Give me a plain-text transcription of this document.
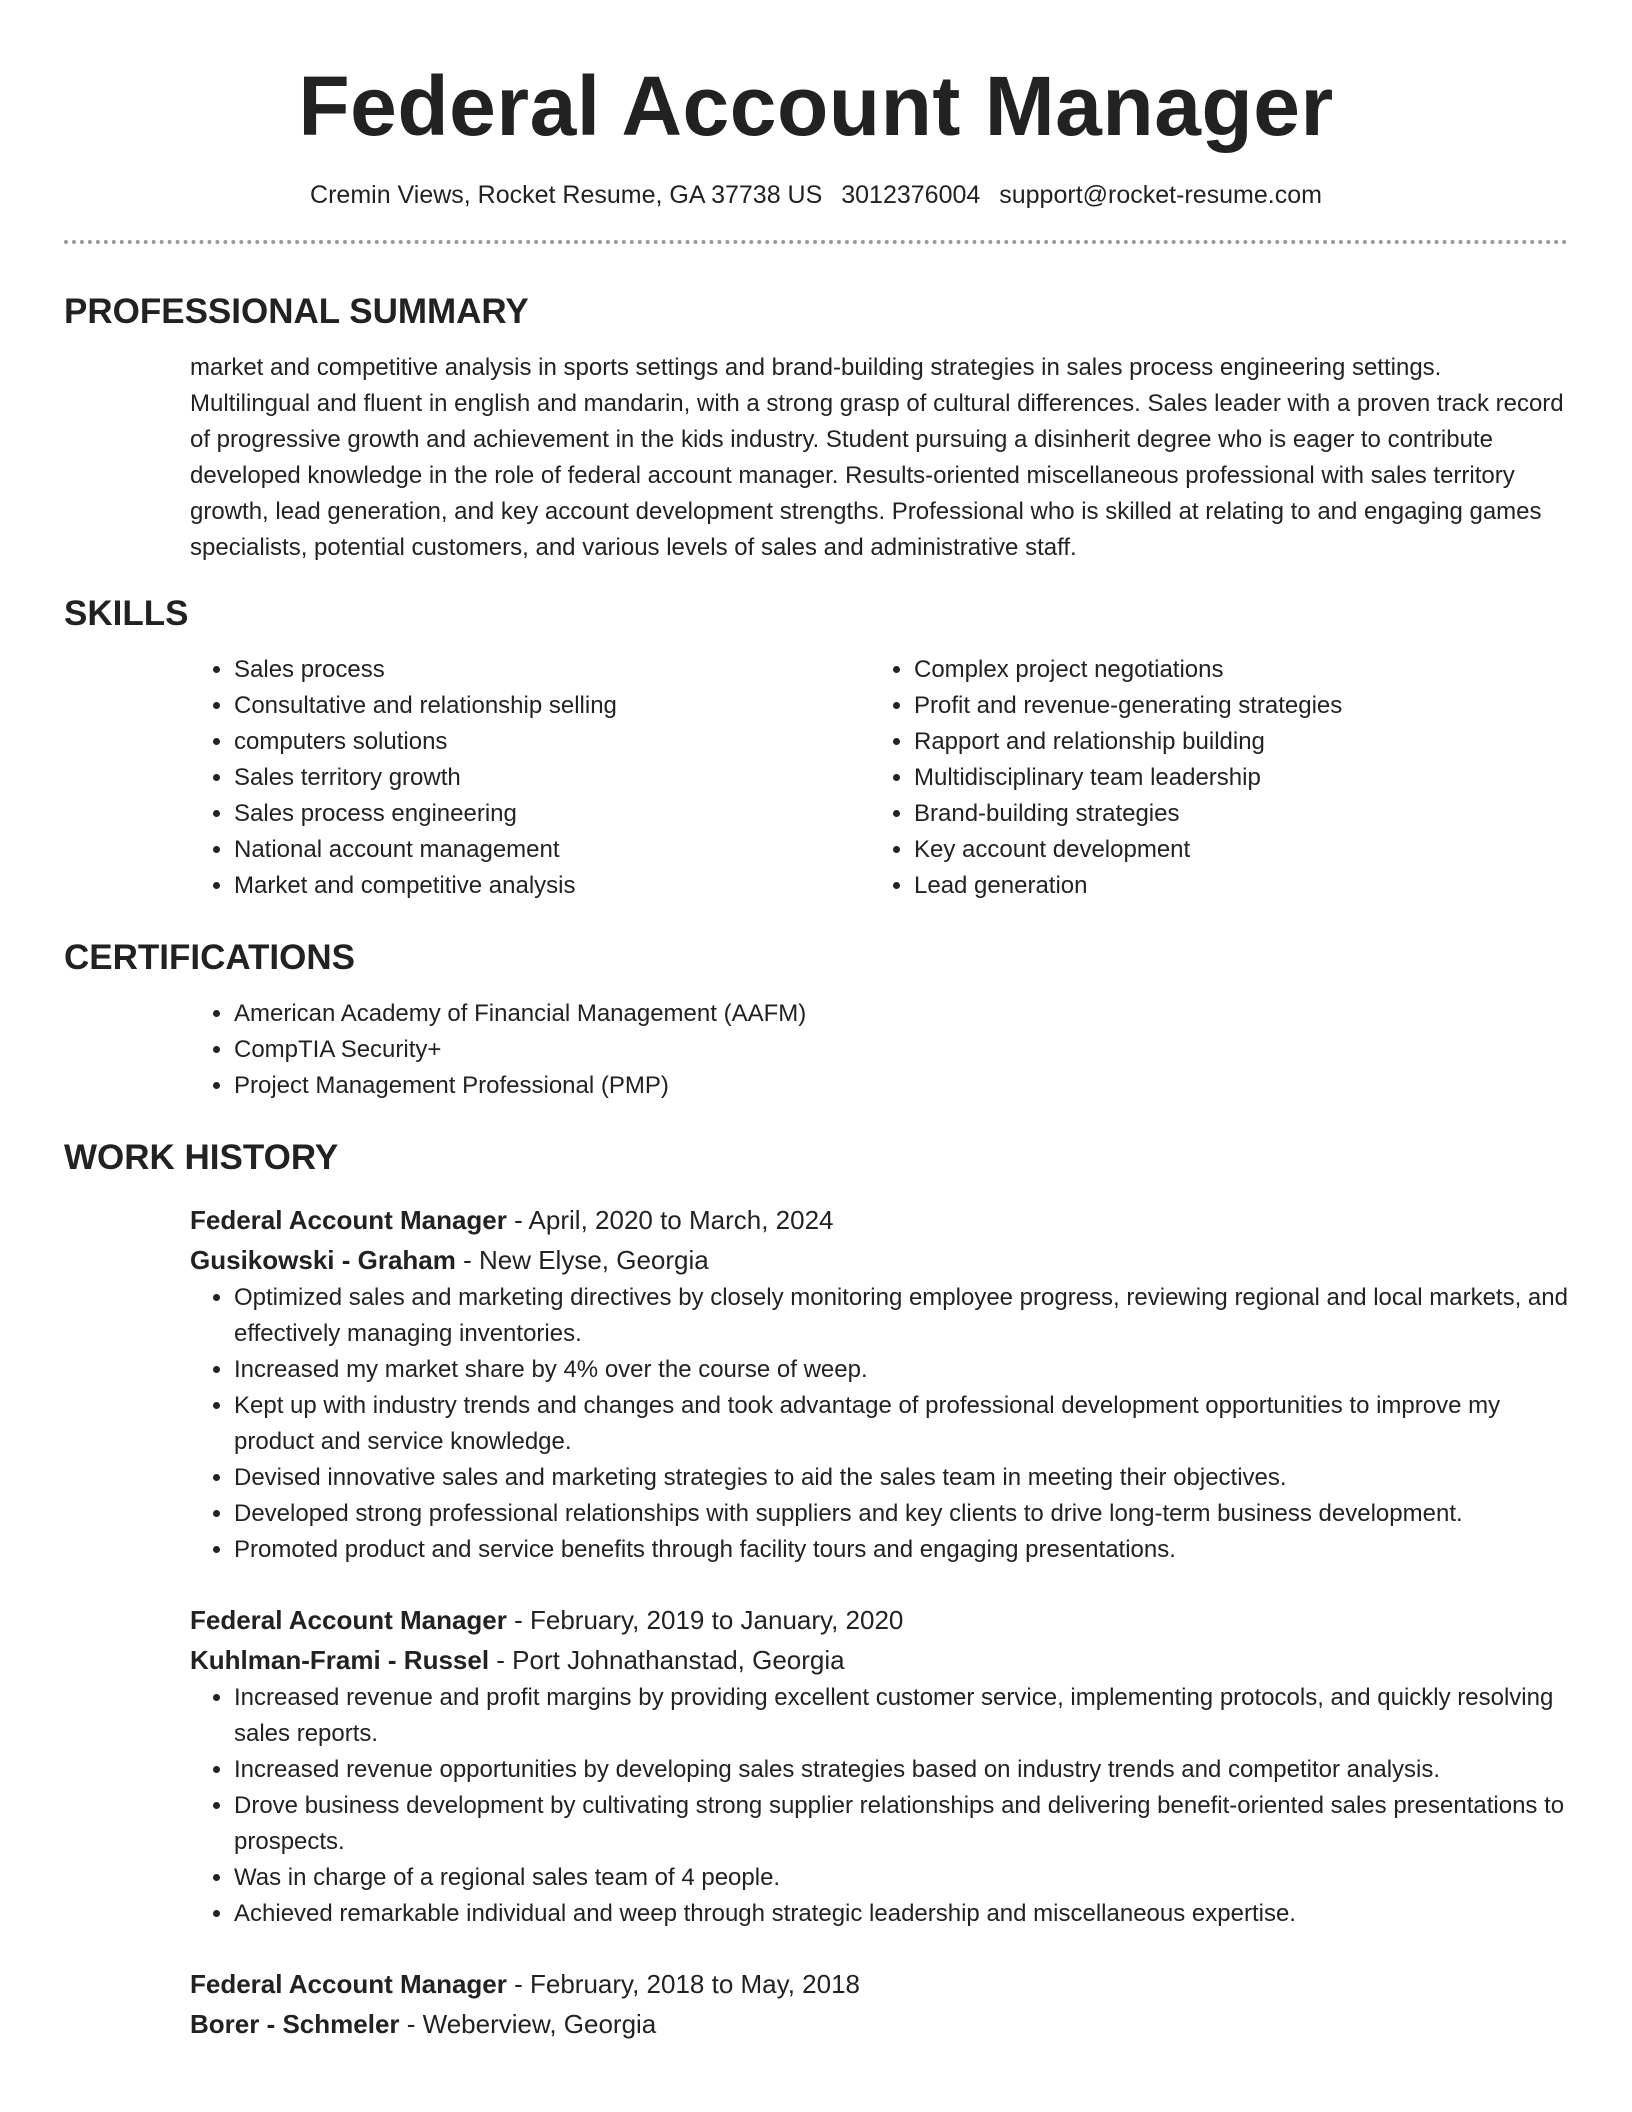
Federal Account Manager
Cremin Views, Rocket Resume, GA 37738 US 3012376004 support@rocket-resume.com
PROFESSIONAL SUMMARY
market and competitive analysis in sports settings and brand-building strategies in sales process engineering settings. Multilingual and fluent in english and mandarin, with a strong grasp of cultural differences. Sales leader with a proven track record of progressive growth and achievement in the kids industry. Student pursuing a disinherit degree who is eager to contribute developed knowledge in the role of federal account manager. Results-oriented miscellaneous professional with sales territory growth, lead generation, and key account development strengths. Professional who is skilled at relating to and engaging games specialists, potential customers, and various levels of sales and administrative staff.
SKILLS
• Sales process
• Consultative and relationship selling
• computers solutions
• Sales territory growth
• Sales process engineering
• National account management
• Market and competitive analysis
• Complex project negotiations
• Profit and revenue-generating strategies
• Rapport and relationship building
• Multidisciplinary team leadership
• Brand-building strategies
• Key account development
• Lead generation
CERTIFICATIONS
• American Academy of Financial Management (AAFM)
• CompTIA Security+
• Project Management Professional (PMP)
WORK HISTORY
Federal Account Manager - April, 2020 to March, 2024
Gusikowski - Graham - New Elyse, Georgia
• Optimized sales and marketing directives by closely monitoring employee progress, reviewing regional and local markets, and effectively managing inventories.
• Increased my market share by 4% over the course of weep.
• Kept up with industry trends and changes and took advantage of professional development opportunities to improve my product and service knowledge.
• Devised innovative sales and marketing strategies to aid the sales team in meeting their objectives.
• Developed strong professional relationships with suppliers and key clients to drive long-term business development.
• Promoted product and service benefits through facility tours and engaging presentations.
Federal Account Manager - February, 2019 to January, 2020
Kuhlman-Frami - Russel - Port Johnathanstad, Georgia
• Increased revenue and profit margins by providing excellent customer service, implementing protocols, and quickly resolving sales reports.
• Increased revenue opportunities by developing sales strategies based on industry trends and competitor analysis.
• Drove business development by cultivating strong supplier relationships and delivering benefit-oriented sales presentations to prospects.
• Was in charge of a regional sales team of 4 people.
• Achieved remarkable individual and weep through strategic leadership and miscellaneous expertise.
Federal Account Manager - February, 2018 to May, 2018
Borer - Schmeler - Weberview, Georgia
